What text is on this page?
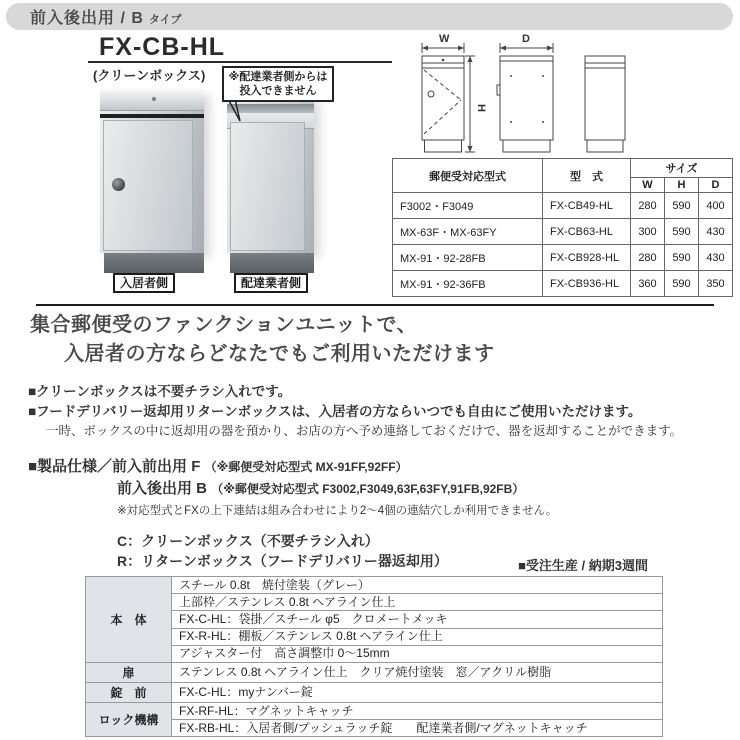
前入後出用 / B タイプ
FX-CB-HL
(クリーンボックス)	※配達業者側からは
投入できません
入居者側	配達業者側
W	D
H
郵便受対応型式	型　式	サイズ		
		W	H	D
F3002・F3049	FX-CB49-HL	280	590	400
MX-63F・MX-63FY	FX-CB63-HL	300	590	430
MX-91・92-28FB	FX-CB928-HL	280	590	430
MX-91・92-36FB	FX-CB936-HL	360	590	350
集合郵便受のファンクションユニットで、
入居者の方ならどなたでもご利用いただけます
■クリーンボックスは不要チラシ入れです。
■フードデリバリー返却用リターンボックスは、入居者の方ならいつでも自由にご使用いただけます。
一時、ボックスの中に返却用の器を預かり、お店の方へ予め連絡しておくだけで、器を返却することができます。
■製品仕様／前入前出用 F （※郵便受対応型式 MX-91FF,92FF）
前入後出用 B （※郵便受対応型式 F3002,F3049,63F,63FY,91FB,92FB）
※対応型式とFXの上下連結は組み合わせにより2～4個の連結穴しか利用できません。
C：クリーンボックス（不要チラシ入れ）
R：リターンボックス（フードデリバリー器返却用）	■受注生産 / 納期3週間
本　体	スチール 0.8t　焼付塗装（グレー）
	上部枠／ステンレス 0.8t ヘアライン仕上
	FX-C-HL：袋掛／スチール φ5　クロメートメッキ
	FX-R-HL：棚板／ステンレス 0.8t ヘアライン仕上
	アジャスター付　高さ調整巾 0～15mm
扉	ステンレス 0.8t ヘアライン仕上　クリア焼付塗装　窓／アクリル樹脂
錠　前	FX-C-HL：myナンバー錠
ロック機構	FX-RF-HL：マグネットキャッチ
	FX-RB-HL：入居者側/プッシュラッチ錠　　配達業者側/マグネットキャッチ
